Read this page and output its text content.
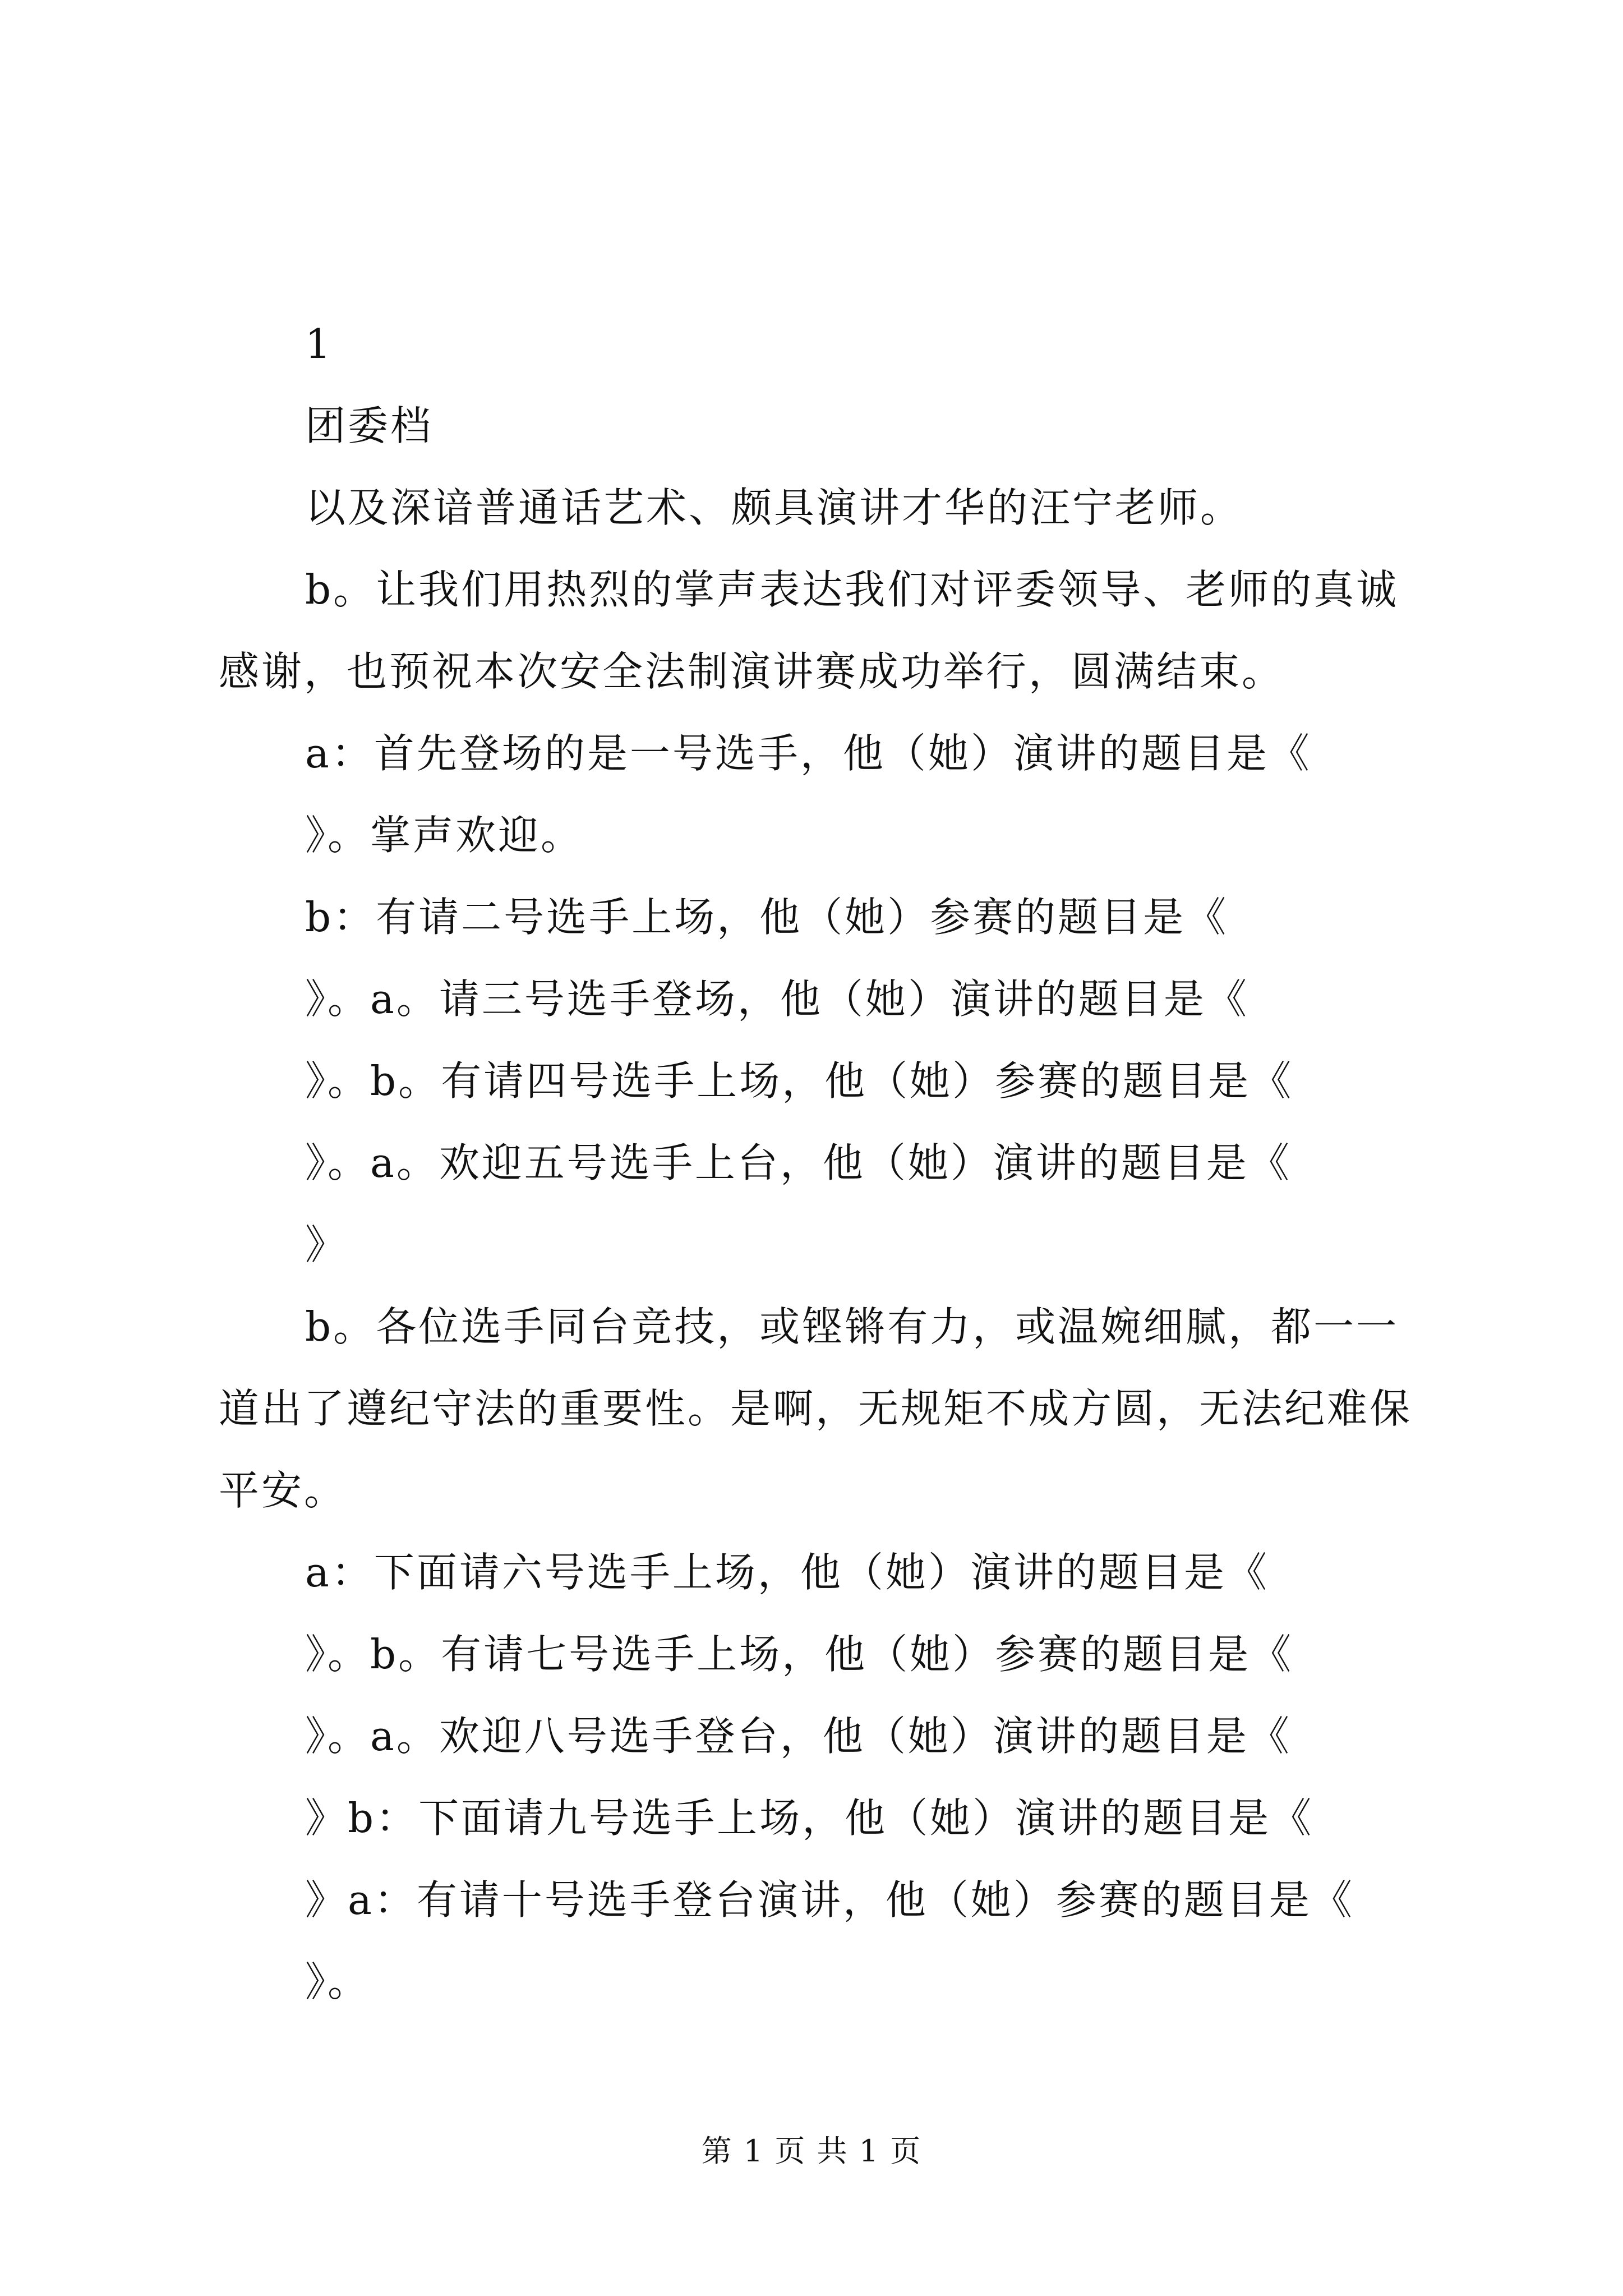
1
团委档
以及深谙普通话艺术、颇具演讲才华的汪宁老师。
b。让我们用热烈的掌声表达我们对评委领导、老师的真诚
感谢，也预祝本次安全法制演讲赛成功举行，圆满结束。
a：首先登场的是一号选手，他（她）演讲的题目是《
》。掌声欢迎。
b：有请二号选手上场，他（她）参赛的题目是《
》。a。请三号选手登场，他（她）演讲的题目是《
》。b。有请四号选手上场，他（她）参赛的题目是《
》。a。欢迎五号选手上台，他（她）演讲的题目是《
》
b。各位选手同台竞技，或铿锵有力，或温婉细腻，都一一
道出了遵纪守法的重要性。是啊，无规矩不成方圆，无法纪难保
平安。
a：下面请六号选手上场，他（她）演讲的题目是《
》。b。有请七号选手上场，他（她）参赛的题目是《
》。a。欢迎八号选手登台，他（她）演讲的题目是《
》b：下面请九号选手上场，他（她）演讲的题目是《
》a：有请十号选手登台演讲，他（她）参赛的题目是《
》。
第 1 页 共 1 页
